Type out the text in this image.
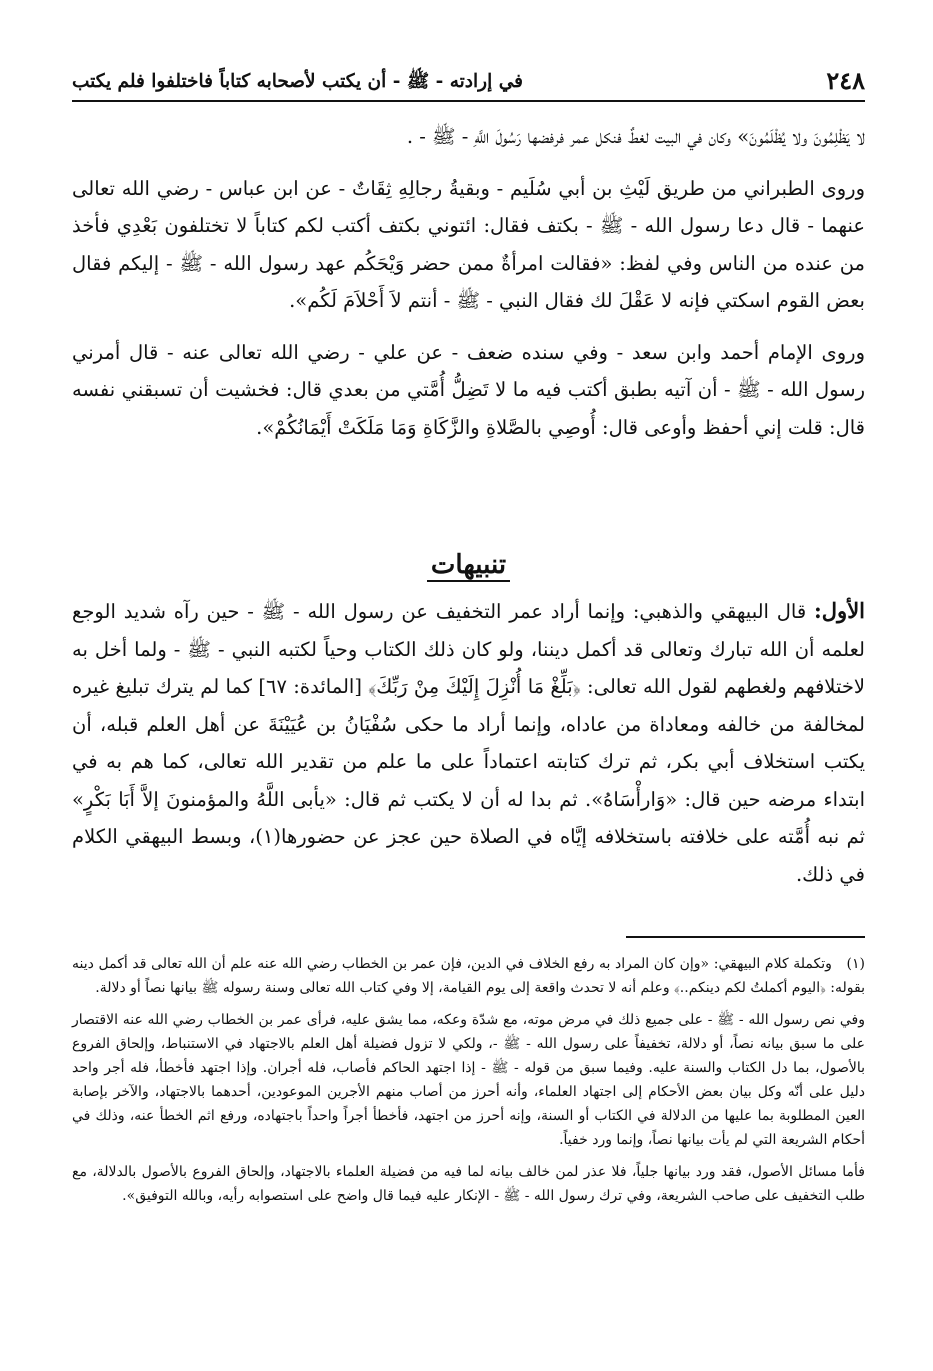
٢٤٨
في إرادته - ﷺ - أن يكتب لأصحابه كتاباً فاختلفوا فلم يكتب

لا يَظْلِمُونَ ولا يُظْلَمُونَ» وكان في البيت لغطٌ فنكل عمر فرفضها رَسُولَ اللَّهِ - ﷺ - .

وروى الطبراني من طريق لَيْثِ بن أبي سُلَيم - وبقيةُ رجالِهِ ثِقَاتٌ - عن ابن عباس - رضي الله تعالى عنهما - قال دعا رسول الله - ﷺ - بكتف فقال: ائتوني بكتف أكتب لكم كتاباً لا تختلفون بَعْدِي فأخذ من عنده من الناس وفي لفظ: «فقالت امرأةٌ ممن حضر وَيْحَكُم عهد رسول الله - ﷺ - إليكم فقال بعض القوم اسكتي فإنه لا عَقْلَ لك فقال النبي - ﷺ - أنتم لاَ أَحْلاَمَ لَكُم».

وروى الإمام أحمد وابن سعد - وفي سنده ضعف - عن علي - رضي الله تعالى عنه - قال أمرني رسول الله - ﷺ - أن آتيه بطبق أكتب فيه ما لا تَضِلُّ أُمَّتي من بعدي قال: فخشيت أن تسبقني نفسه قال: قلت إني أحفظ وأوعى قال: أُوصِي بالصَّلاةِ والزَّكَاةِ وَمَا مَلَكَتْ أَيْمَانُكُمْ».

تنبيهات

الأول: قال البيهقي والذهبي: وإنما أراد عمر التخفيف عن رسول الله - ﷺ - حين رآه شديد الوجع لعلمه أن الله تبارك وتعالى قد أكمل ديننا، ولو كان ذلك الكتاب وحياً لكتبه النبي - ﷺ - ولما أخل به لاختلافهم ولغطهم لقول الله تعالى: ﴿بَلِّغْ مَا أُنْزِلَ إِلَيْكَ مِنْ رَبِّكَ﴾ [المائدة: ٦٧] كما لم يترك تبليغ غيره لمخالفة من خالفه ومعاداة من عاداه، وإنما أراد ما حكى سُفْيَانُ بن عُيَيْنَةَ عن أهل العلم قبله، أن يكتب استخلاف أبي بكر، ثم ترك كتابته اعتماداً على ما علم من تقدير الله تعالى، كما هم به في ابتداء مرضه حين قال: «وَارأْسَاهُ». ثم بدا له أن لا يكتب ثم قال: «يأبى اللَّهُ والمؤمنونَ إلاَّ أَبَا بَكْرٍ» ثم نبه أُمَّته على خلافته باستخلافه إيَّاه في الصلاة حين عجز عن حضورها(١)، وبسط البيهقي الكلام في ذلك.

(١) وتكملة كلام البيهقي: «وإن كان المراد به رفع الخلاف في الدين، فإن عمر بن الخطاب رضي الله عنه علم أن الله تعالى قد أكمل دينه بقوله: ﴿اليوم أكملتُ لكم دينكم..﴾ وعلم أنه لا تحدث واقعة إلى يوم القيامة، إلا وفي كتاب الله تعالى وسنة رسوله ﷺ بيانها نصاً أو دلالة.

وفي نص رسول الله - ﷺ - على جميع ذلك في مرض موته، مع شدّة وعكه، مما يشق عليه، فرأى عمر بن الخطاب رضي الله عنه الاقتصار على ما سبق بيانه نصاً، أو دلالة، تخفيفاً على رسول الله - ﷺ -، ولكي لا تزول فضيلة أهل العلم بالاجتهاد في الاستنباط، وإلحاق الفروع بالأصول، بما دل الكتاب والسنة عليه. وفيما سبق من قوله - ﷺ - إذا اجتهد الحاكم فأصاب، فله أجران. وإذا اجتهد فأخطأ، فله أجر واحد دليل على أنّه وكل بيان بعض الأحكام إلى اجتهاد العلماء، وأنه أحرز من أصاب منهم الأجرين الموعودين، أحدهما بالاجتهاد، والآخر بإصابة العين المطلوبة بما عليها من الدلالة في الكتاب أو السنة، وإنه أحرز من اجتهد، فأخطأ أجراً واحداً باجتهاده، ورفع اثم الخطأ عنه، وذلك في أحكام الشريعة التي لم يأت بيانها نصاً، وإنما ورد خفياً.

فأما مسائل الأصول، فقد ورد بيانها جلياً، فلا عذر لمن خالف بيانه لما فيه من فضيلة العلماء بالاجتهاد، وإلحاق الفروع بالأصول بالدلالة، مع طلب التخفيف على صاحب الشريعة، وفي ترك رسول الله - ﷺ - الإنكار عليه فيما قال واضح على استصوابه رأيه، وبالله التوفيق».
